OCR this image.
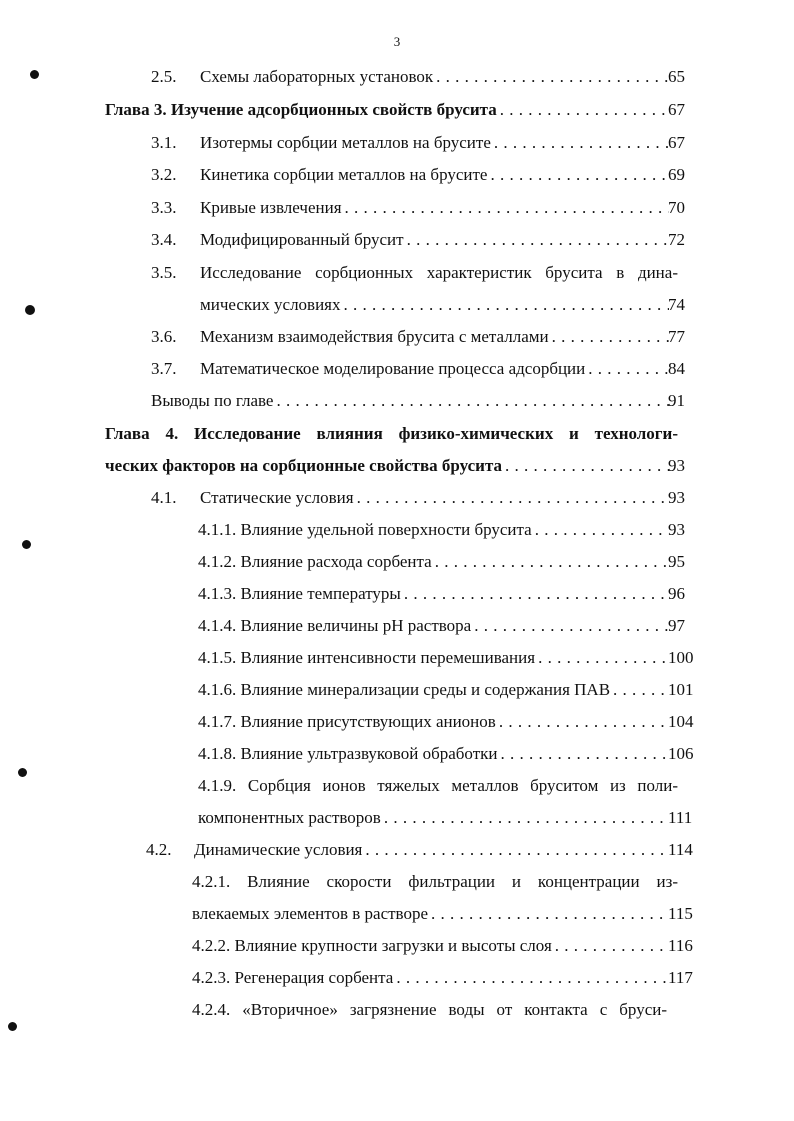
3
2.5.	Схемы лабораторных установок . . .	65
Глава 3. Изучение адсорбционных свойств брусита . . .	67
3.1.	Изотермы сорбции металлов на брусите . . .	67
3.2.	Кинетика сорбции металлов на брусите . . .	69
3.3.	Кривые извлечения . . .	70
3.4.	Модифицированный брусит . . .	72
3.5.	Исследование сорбционных характеристик брусита в дина-
мических условиях . . .	74
3.6.	Механизм взаимодействия брусита с металлами . . .	77
3.7.	Математическое моделирование процесса адсорбции . . .	84
Выводы по главе . . .	91
Глава 4. Исследование влияния физико-химических и технологи-
ческих факторов на сорбционные свойства брусита . . .	93
4.1.	Статические условия . . .	93
4.1.1. Влияние удельной поверхности брусита . . .	93
4.1.2. Влияние расхода сорбента . . .	95
4.1.3. Влияние температуры . . .	96
4.1.4. Влияние величины pH раствора . . .	97
4.1.5. Влияние интенсивности перемешивания . . .	100
4.1.6. Влияние минерализации среды и содержания ПАВ . . .	101
4.1.7. Влияние присутствующих анионов . . .	104
4.1.8. Влияние ультразвуковой обработки . . .	106
4.1.9. Сорбция ионов тяжелых металлов бруситом из поли-
компонентных растворов . . .	111
4.2.	Динамические условия . . .	114
4.2.1. Влияние скорости фильтрации и концентрации из-
влекаемых элементов в растворе . . .	115
4.2.2. Влияние крупности загрузки и высоты слоя . . .	116
4.2.3. Регенерация сорбента . . .	117
4.2.4. «Вторичное» загрязнение воды от контакта с бруси-
